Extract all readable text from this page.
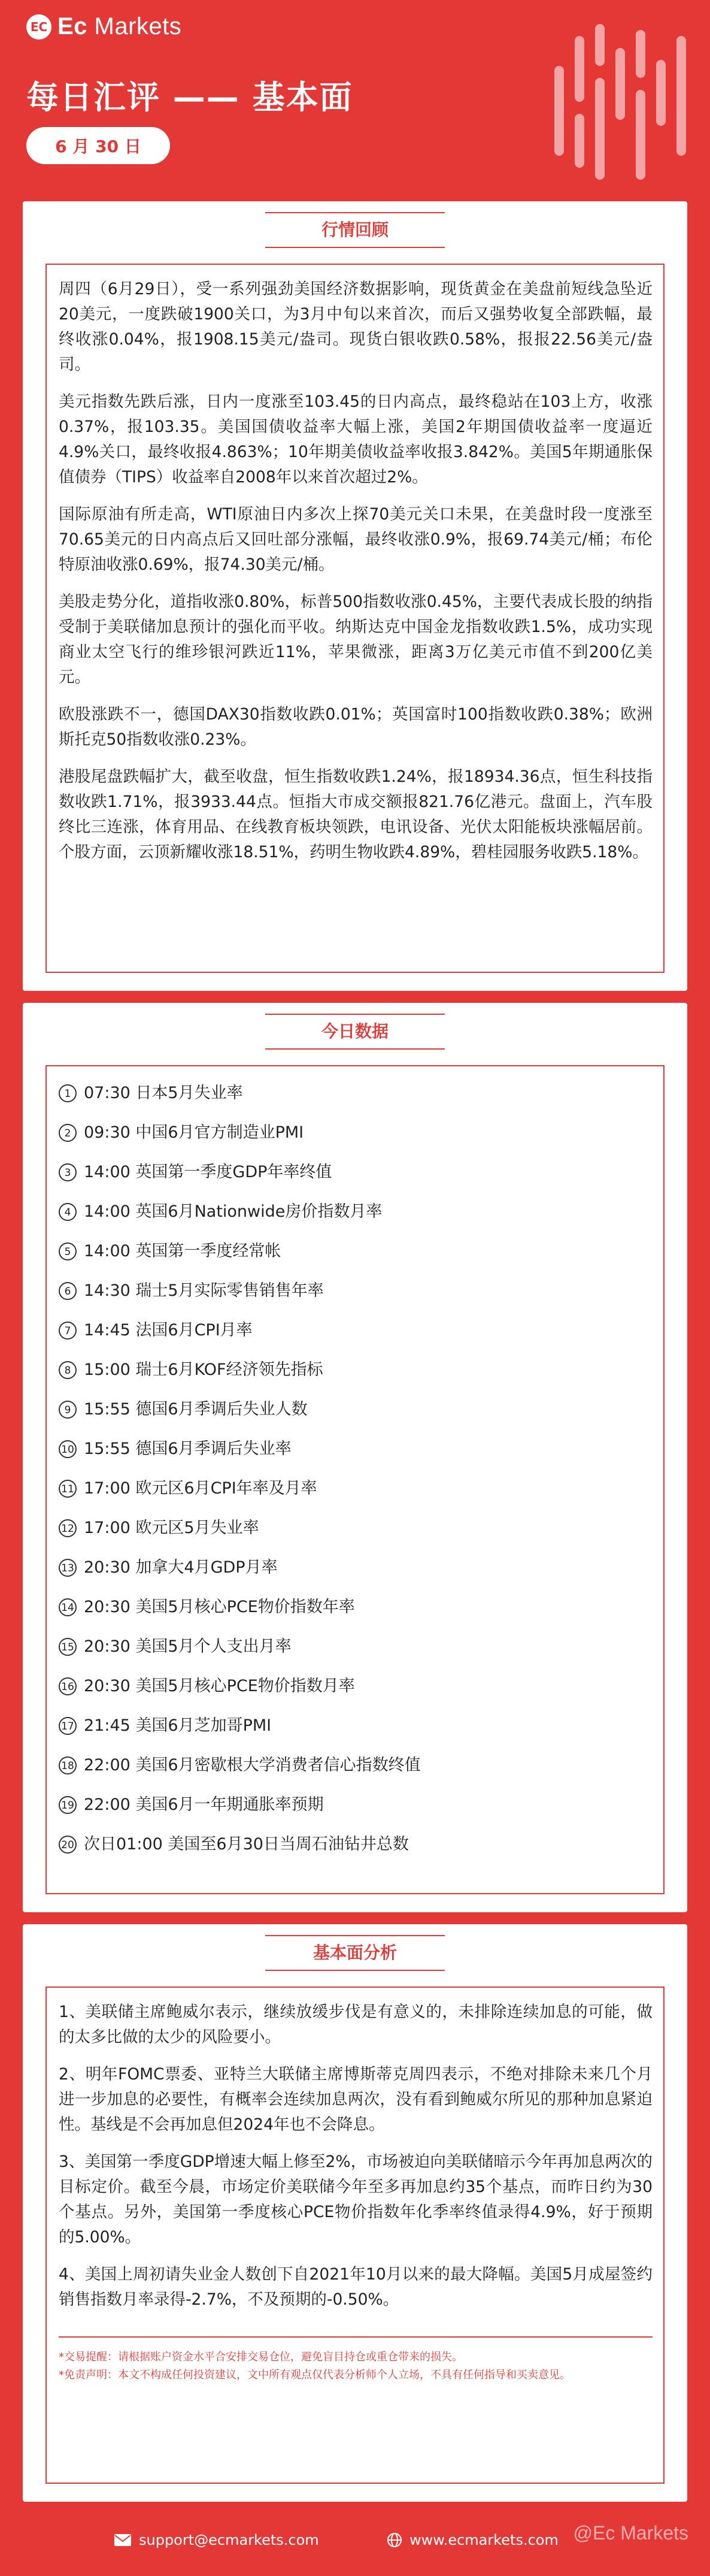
EC Ec Markets
每日汇评 —— 基本面
6 月 30 日
行情回顾

周四（6月29日），受一系列强劲美国经济数据影响，现货黄金在美盘前短线急坠近20美元，一度跌破1900关口，为3月中旬以来首次，而后又强势收复全部跌幅，最终收涨0.04%，报1908.15美元/盎司。现货白银收跌0.58%，报报22.56美元/盎司。

美元指数先跌后涨，日内一度涨至103.45的日内高点，最终稳站在103上方，收涨0.37%，报103.35。美国国债收益率大幅上涨，美国2年期国债收益率一度逼近4.9%关口，最终收报4.863%；10年期美债收益率收报3.842%。美国5年期通胀保值债券（TIPS）收益率自2008年以来首次超过2%。

国际原油有所走高，WTI原油日内多次上探70美元关口未果，在美盘时段一度涨至70.65美元的日内高点后又回吐部分涨幅，最终收涨0.9%，报69.74美元/桶；布伦特原油收涨0.69%，报74.30美元/桶。

美股走势分化，道指收涨0.80%，标普500指数收涨0.45%，主要代表成长股的纳指受制于美联储加息预计的强化而平收。纳斯达克中国金龙指数收跌1.5%，成功实现商业太空飞行的维珍银河跌近11%，苹果微涨，距离3万亿美元市值不到200亿美元。

欧股涨跌不一，德国DAX30指数收跌0.01%；英国富时100指数收跌0.38%；欧洲斯托克50指数收涨0.23%。

港股尾盘跌幅扩大，截至收盘，恒生指数收跌1.24%，报18934.36点，恒生科技指数收跌1.71%，报3933.44点。恒指大市成交额报821.76亿港元。盘面上，汽车股终比三连涨，体育用品、在线教育板块领跌，电讯设备、光伏太阳能板块涨幅居前。个股方面，云顶新耀收涨18.51%，药明生物收跌4.89%，碧桂园服务收跌5.18%。

今日数据
1 07:30 日本5月失业率
2 09:30 中国6月官方制造业PMI
3 14:00 英国第一季度GDP年率终值
4 14:00 英国6月Nationwide房价指数月率
5 14:00 英国第一季度经常帐
6 14:30 瑞士5月实际零售销售年率
7 14:45 法国6月CPI月率
8 15:00 瑞士6月KOF经济领先指标
9 15:55 德国6月季调后失业人数
10 15:55 德国6月季调后失业率
11 17:00 欧元区6月CPI年率及月率
12 17:00 欧元区5月失业率
13 20:30 加拿大4月GDP月率
14 20:30 美国5月核心PCE物价指数年率
15 20:30 美国5月个人支出月率
16 20:30 美国5月核心PCE物价指数月率
17 21:45 美国6月芝加哥PMI
18 22:00 美国6月密歇根大学消费者信心指数终值
19 22:00 美国6月一年期通胀率预期
20 次日01:00 美国至6月30日当周石油钻井总数
基本面分析

1、美联储主席鲍威尔表示，继续放缓步伐是有意义的，未排除连续加息的可能，做的太多比做的太少的风险要小。

2、明年FOMC票委、亚特兰大联储主席博斯蒂克周四表示，不绝对排除未来几个月进一步加息的必要性，有概率会连续加息两次，没有看到鲍威尔所见的那种加息紧迫性。基线是不会再加息但2024年也不会降息。

3、美国第一季度GDP增速大幅上修至2%，市场被迫向美联储暗示今年再加息两次的目标定价。截至今晨，市场定价美联储今年至多再加息约35个基点，而昨日约为30个基点。另外，美国第一季度核心PCE物价指数年化季率终值录得4.9%，好于预期的5.00%。

4、美国上周初请失业金人数创下自2021年10月以来的最大降幅。美国5月成屋签约销售指数月率录得-2.7%，不及预期的-0.50%。

*交易提醒：请根据账户资金水平合安排交易仓位，避免盲目持仓或重仓带来的损失。
*免责声明：本文不构成任何投资建议，文中所有观点仅代表分析师个人立场，不具有任何指导和买卖意见。
support@ecmarkets.com	www.ecmarkets.com @Ec Markets
